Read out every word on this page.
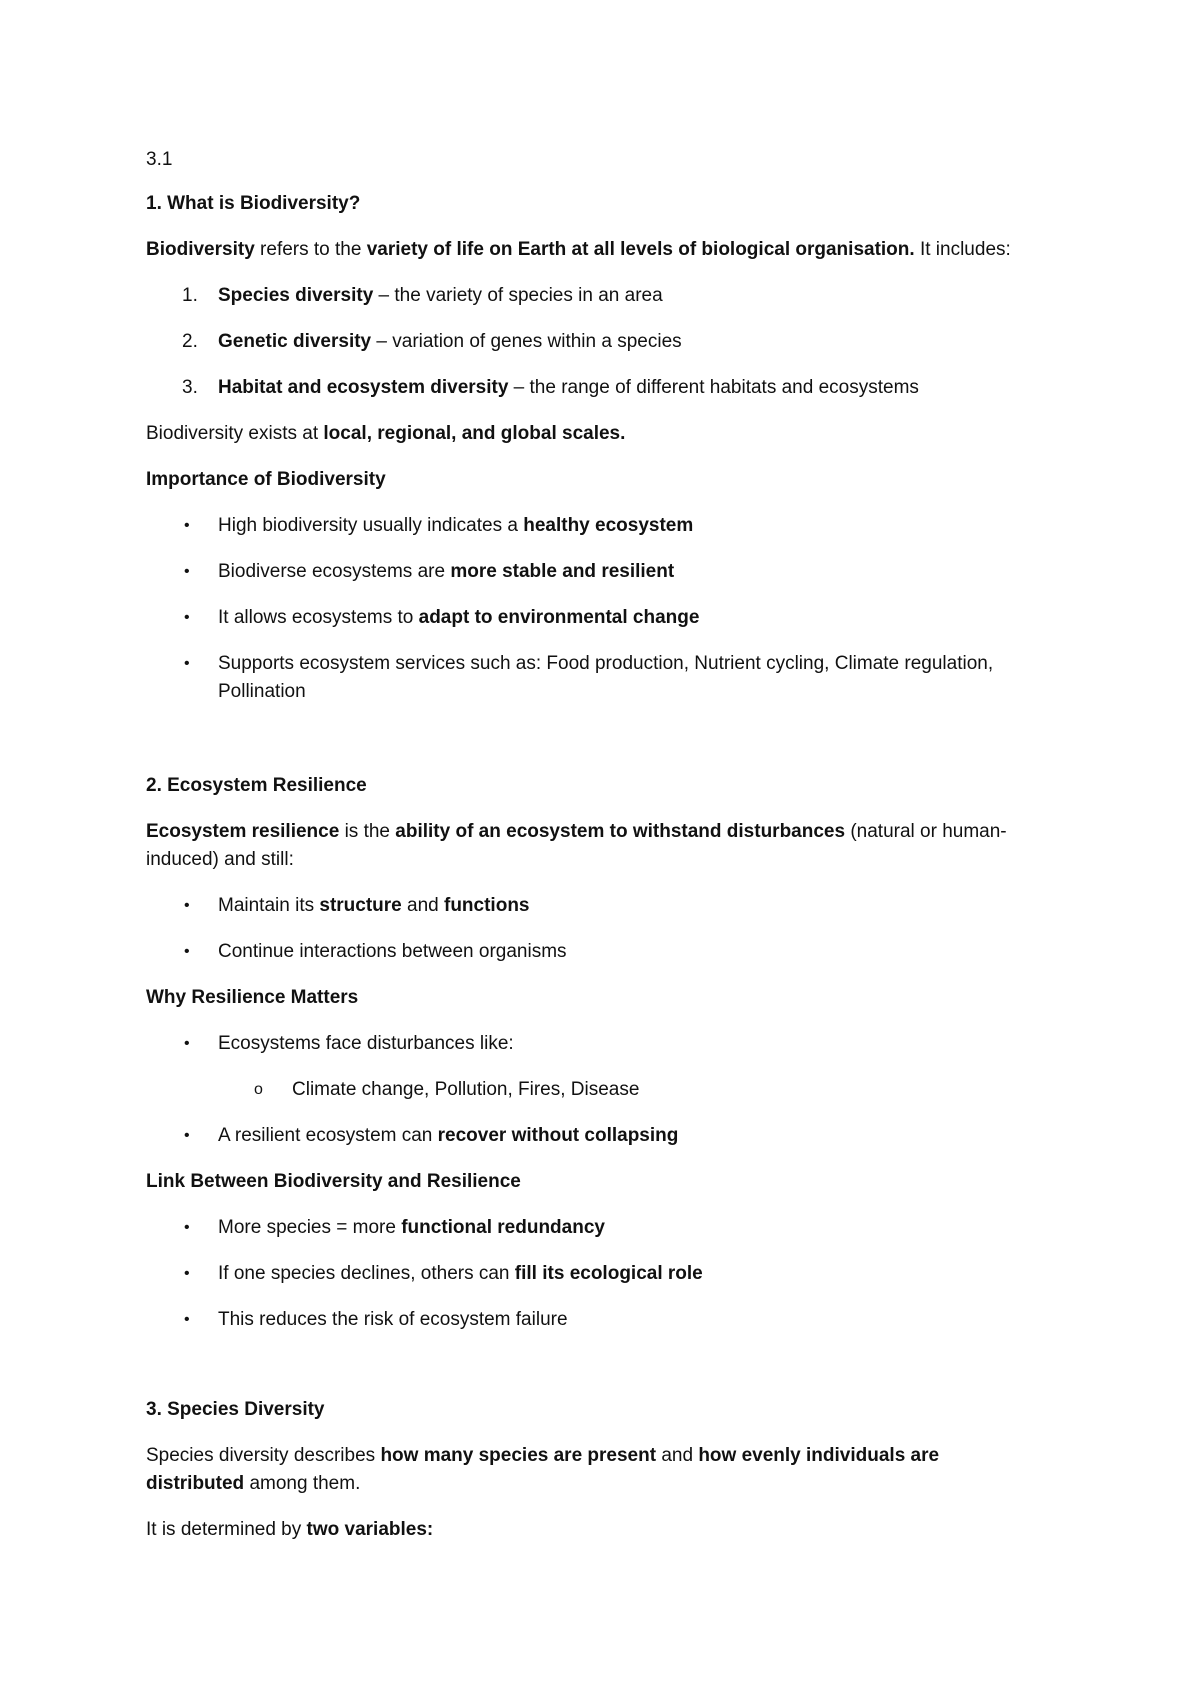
3.1
1. What is Biodiversity?
Biodiversity refers to the variety of life on Earth at all levels of biological organisation. It includes:
1.	Species diversity – the variety of species in an area
2.	Genetic diversity – variation of genes within a species
3.	Habitat and ecosystem diversity – the range of different habitats and ecosystems
Biodiversity exists at local, regional, and global scales.
Importance of Biodiversity
• High biodiversity usually indicates a healthy ecosystem
• Biodiverse ecosystems are more stable and resilient
• It allows ecosystems to adapt to environmental change
• Supports ecosystem services such as: Food production, Nutrient cycling, Climate regulation,
Pollination
2. Ecosystem Resilience
Ecosystem resilience is the ability of an ecosystem to withstand disturbances (natural or human-
induced) and still:
• Maintain its structure and functions
• Continue interactions between organisms
Why Resilience Matters
• Ecosystems face disturbances like:
o Climate change, Pollution, Fires, Disease
• A resilient ecosystem can recover without collapsing
Link Between Biodiversity and Resilience
• More species = more functional redundancy
• If one species declines, others can fill its ecological role
• This reduces the risk of ecosystem failure
3. Species Diversity
Species diversity describes how many species are present and how evenly individuals are
distributed among them.
It is determined by two variables:
